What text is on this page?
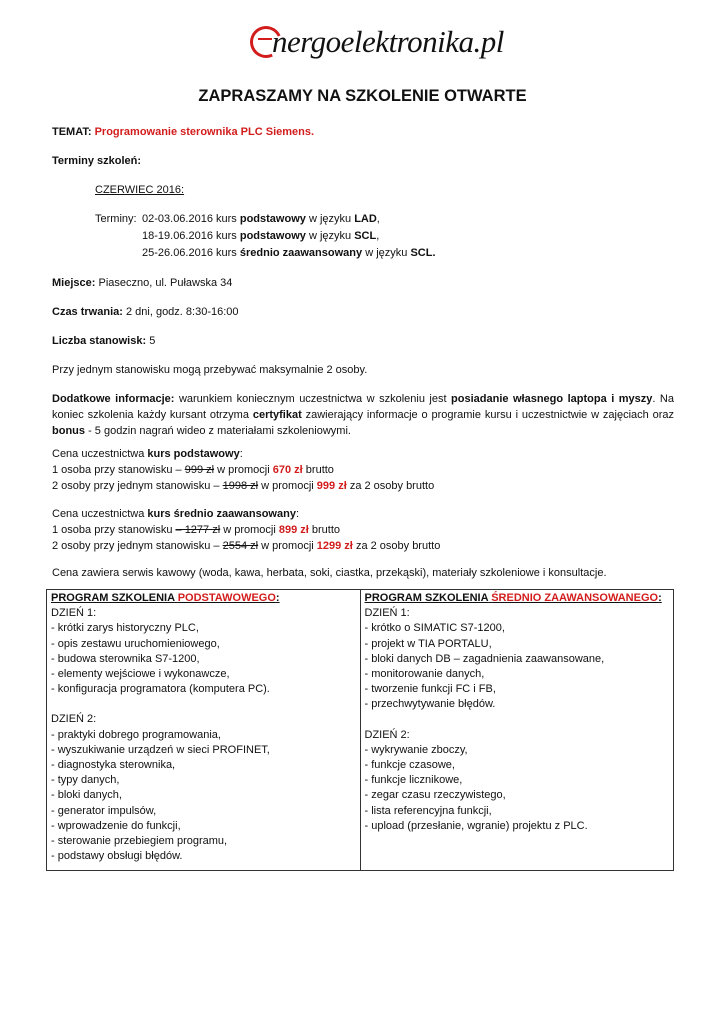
nergoelektronika.pl
ZAPRASZAMY NA SZKOLENIE OTWARTE
TEMAT: Programowanie sterownika PLC Siemens.
Terminy szkoleń:
CZERWIEC 2016:
Terminy: 02-03.06.2016 kurs podstawowy w języku LAD,
18-19.06.2016 kurs podstawowy w języku SCL,
25-26.06.2016 kurs średnio zaawansowany w języku SCL.
Miejsce: Piaseczno, ul. Puławska 34
Czas trwania: 2 dni, godz. 8:30-16:00
Liczba stanowisk: 5
Przy jednym stanowisku mogą przebywać maksymalnie 2 osoby.
Dodatkowe informacje: warunkiem koniecznym uczestnictwa w szkoleniu jest posiadanie własnego laptopa i myszy. Na koniec szkolenia każdy kursant otrzyma certyfikat zawierający informacje o programie kursu i uczestnictwie w zajęciach oraz bonus - 5 godzin nagrań wideo z materiałami szkoleniowymi.
Cena uczestnictwa kurs podstawowy:
1 osoba przy stanowisku – 999 zł w promocji 670 zł brutto
2 osoby przy jednym stanowisku – 1998 zł w promocji 999 zł za 2 osoby brutto
Cena uczestnictwa kurs średnio zaawansowany:
1 osoba przy stanowisku – 1277 zł w promocji 899 zł brutto
2 osoby przy jednym stanowisku – 2554 zł w promocji 1299 zł za 2 osoby brutto
Cena zawiera serwis kawowy (woda, kawa, herbata, soki, ciastka, przekąski), materiały szkoleniowe i konsultacje.
PROGRAM SZKOLENIA PODSTAWOWEGO:
DZIEŃ 1:
- krótki zarys historyczny PLC,
- opis zestawu uruchomieniowego,
- budowa sterownika S7-1200,
- elementy wejściowe i wykonawcze,
- konfiguracja programatora (komputera PC).
DZIEŃ 2:
- praktyki dobrego programowania,
- wyszukiwanie urządzeń w sieci PROFINET,
- diagnostyka sterownika,
- typy danych,
- bloki danych,
- generator impulsów,
- wprowadzenie do funkcji,
- sterowanie przebiegiem programu,
- podstawy obsługi błędów.

PROGRAM SZKOLENIA ŚREDNIO ZAAWANSOWANEGO:
DZIEŃ 1:
- krótko o SIMATIC S7-1200,
- projekt w TIA PORTALU,
- bloki danych DB – zagadnienia zaawansowane,
- monitorowanie danych,
- tworzenie funkcji FC i FB,
- przechwytywanie błędów.
DZIEŃ 2:
- wykrywanie zboczy,
- funkcje czasowe,
- funkcje licznikowe,
- zegar czasu rzeczywistego,
- lista referencyjna funkcji,
- upload (przesłanie, wgranie) projektu z PLC.
